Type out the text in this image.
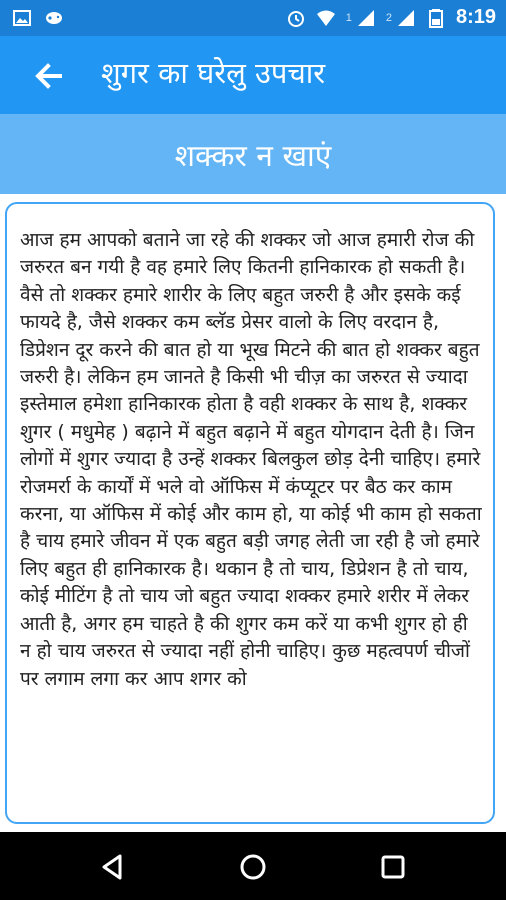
1	2	8:19
शुगर का घरेलु उपचार
शक्कर न खाएं

आज हम आपको बताने जा रहे की शक्कर जो आज हमारी रोज की जरुरत बन गयी है वह हमारे लिए कितनी हानिकारक हो सकती है। वैसे तो शक्कर हमारे शारीर के लिए बहुत जरुरी है और इसके कई फायदे है, जैसे शक्कर कम ब्लॅड प्रेसर वालो के लिए वरदान है, डिप्रेशन दूर करने की बात हो या भूख मिटने की बात हो शक्कर बहुत जरुरी है। लेकिन हम जानते है किसी भी चीज़ का जरुरत से ज्यादा इस्तेमाल हमेशा हानिकारक होता है वही शक्कर के साथ है, शक्कर शुगर ( मधुमेह ) बढ़ाने में बहुत बढ़ाने में बहुत योगदान देती है। जिन लोगों में शुगर ज्यादा है उन्हें शक्कर बिलकुल छोड़ देनी चाहिए। हमारे रोजमर्रा के कार्यों में भले वो ऑफिस में कंप्यूटर पर बैठ कर काम करना, या ऑफिस में कोई और काम हो, या कोई भी काम हो सकता है चाय हमारे जीवन में एक बहुत बड़ी जगह लेती जा रही है जो हमारे लिए बहुत ही हानिकारक है। थकान है तो चाय, डिप्रेशन है तो चाय, कोई मीटिंग है तो चाय जो बहुत ज्यादा शक्कर हमारे शरीर में लेकर आती है, अगर हम चाहते है की शुगर कम करें या कभी शुगर हो ही न हो चाय जरुरत से ज्यादा नहीं होनी चाहिए। कुछ महत्वपर्ण चीजों पर लगाम लगा कर आप शगर को
